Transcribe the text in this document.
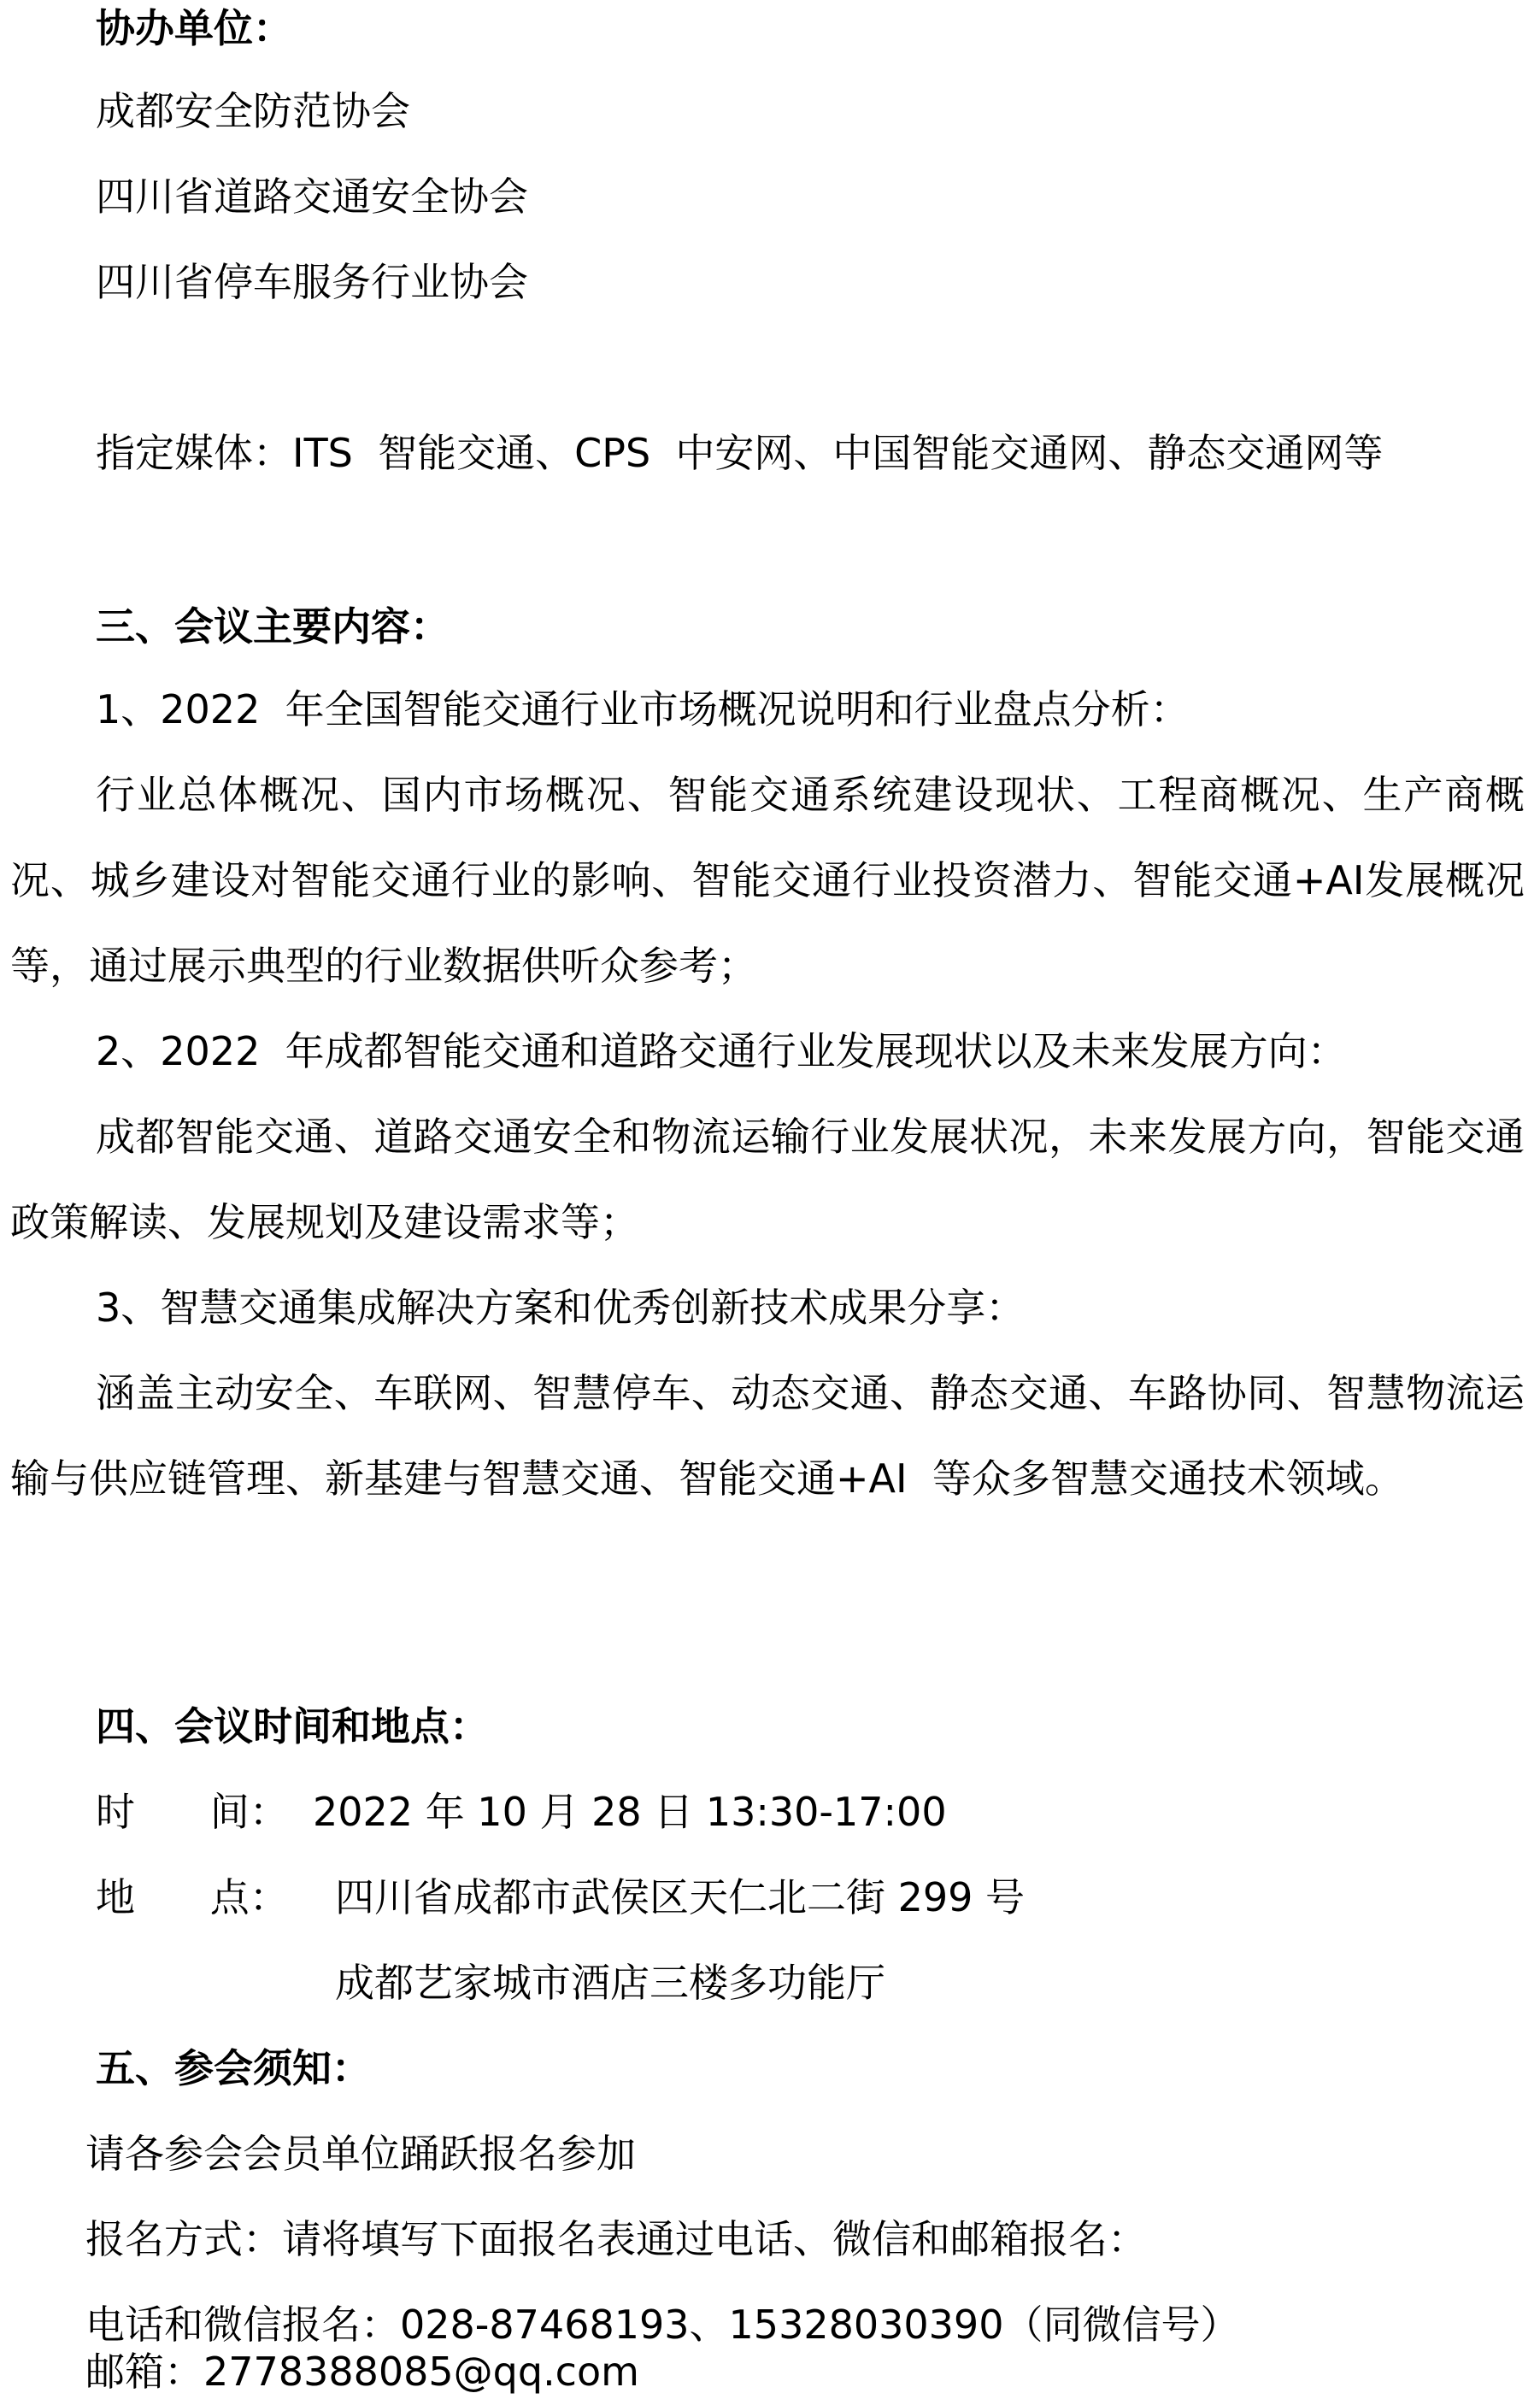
协办单位：
成都安全防范协会
四川省道路交通安全协会
四川省停车服务行业协会
指定媒体：ITS  智能交通、CPS  中安网、中国智能交通网、静态交通网等
三、会议主要内容：
1、2022  年全国智能交通行业市场概况说明和行业盘点分析：
行业总体概况、国内市场概况、智能交通系统建设现状、工程商概况、生产商概况、城乡建设对智能交通行业的影响、智能交通行业投资潜力、智能交通+AI发展概况等，通过展示典型的行业数据供听众参考；
2、2022  年成都智能交通和道路交通行业发展现状以及未来发展方向：
成都智能交通、道路交通安全和物流运输行业发展状况，未来发展方向，智能交通政策解读、发展规划及建设需求等；
3、智慧交通集成解决方案和优秀创新技术成果分享：
涵盖主动安全、车联网、智慧停车、动态交通、静态交通、车路协同、智慧物流运输与供应链管理、新基建与智慧交通、智能交通+AI  等众多智慧交通技术领域。
四、会议时间和地点：
时      间： 2022 年 10 月 28 日 13:30-17:00
地      点： 四川省成都市武侯区天仁北二街 299 号
成都艺家城市酒店三楼多功能厅
五、参会须知：
请各参会会员单位踊跃报名参加
报名方式：请将填写下面报名表通过电话、微信和邮箱报名：
电话和微信报名：028-87468193、15328030390（同微信号）
邮箱：2778388085@qq.com
